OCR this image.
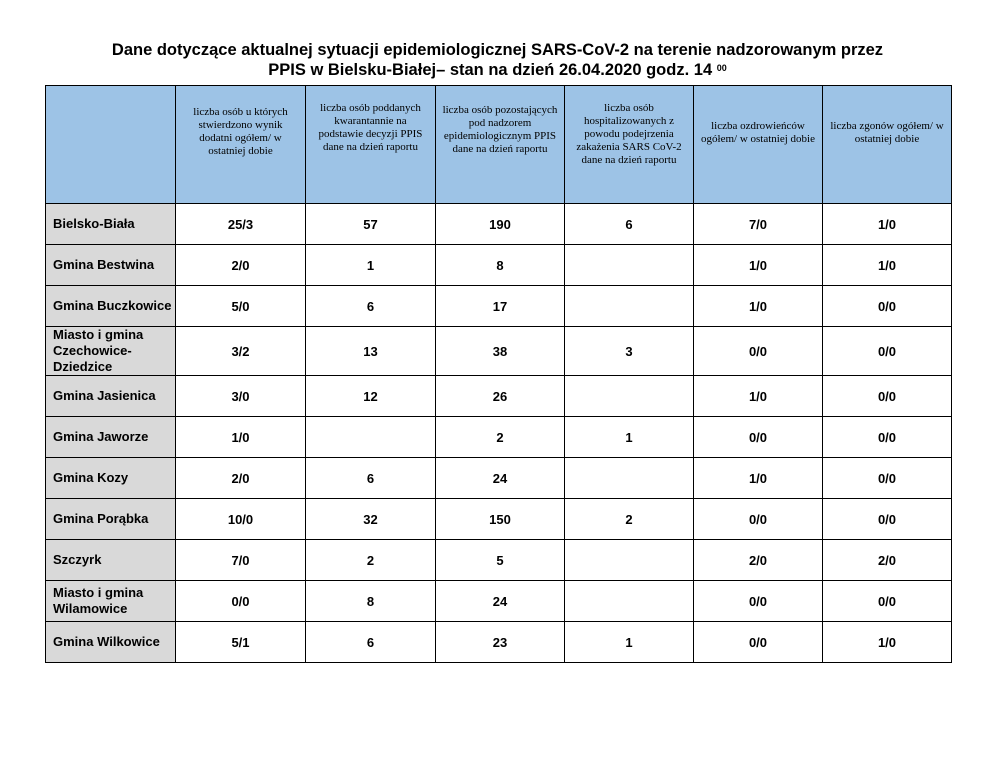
Dane dotyczące aktualnej sytuacji epidemiologicznej SARS-CoV-2 na terenie nadzorowanym przez
PPIS w Bielsku-Białej– stan na dzień 26.04.2020 godz. 14 $^{00}$
	liczba osób u których stwierdzono wynik dodatni ogółem/ w ostatniej dobie	liczba osób poddanych kwarantannie na podstawie decyzji PPIS dane na dzień raportu	liczba osób pozostających pod nadzorem epidemiologicznym PPIS dane na dzień raportu	liczba osób hospitalizowanych z powodu podejrzenia zakażenia SARS CoV-2 dane na dzień raportu	liczba ozdrowieńców ogółem/ w ostatniej dobie	liczba zgonów ogółem/ w ostatniej dobie
Bielsko-Biała	25/3	57	190	6	7/0	1/0
Gmina Bestwina	2/0	1	8		1/0	1/0
Gmina Buczkowice	5/0	6	17		1/0	0/0
Miasto i gmina Czechowice-Dziedzice	3/2	13	38	3	0/0	0/0
Gmina Jasienica	3/0	12	26		1/0	0/0
Gmina Jaworze	1/0		2	1	0/0	0/0
Gmina Kozy	2/0	6	24		1/0	0/0
Gmina Porąbka	10/0	32	150	2	0/0	0/0
Szczyrk	7/0	2	5		2/0	2/0
Miasto i gmina Wilamowice	0/0	8	24		0/0	0/0
Gmina Wilkowice	5/1	6	23	1	0/0	1/0
